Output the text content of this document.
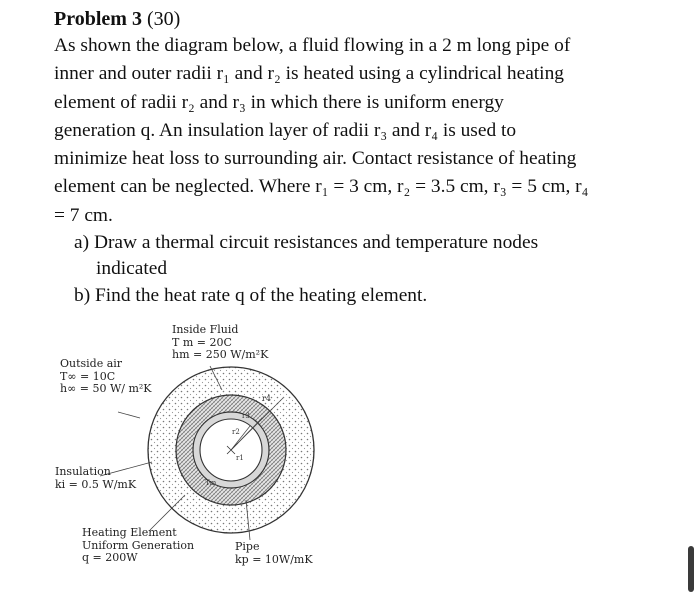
Problem 3 (30)

As shown the diagram below, a fluid flowing in a 2 m long pipe of

inner and outer radii r₁ and r₂ is heated using a cylindrical heating

element of radii r₂ and r₃ in which there is uniform energy

generation q. An insulation layer of radii r₃ and r₄ is used to

minimize heat loss to surrounding air. Contact resistance of heating

element can be neglected. Where r₁ = 3 cm, r₂ = 3.5 cm, r₃ = 5 cm, r₄

= 7 cm.

a) Draw a thermal circuit resistances and temperature nodes
indicated

b) Find the heat rate q of the heating element.

r4
r3
r2
r1
Tm
Inside Fluid
T m = 20C
hm = 250 W/m²K
Outside air
T∞ = 10C
h∞ = 50 W/ m²K
Insulation
ki = 0.5 W/mK
Heating Element
Uniform Generation
q = 200W
Pipe
kp = 10W/mK
